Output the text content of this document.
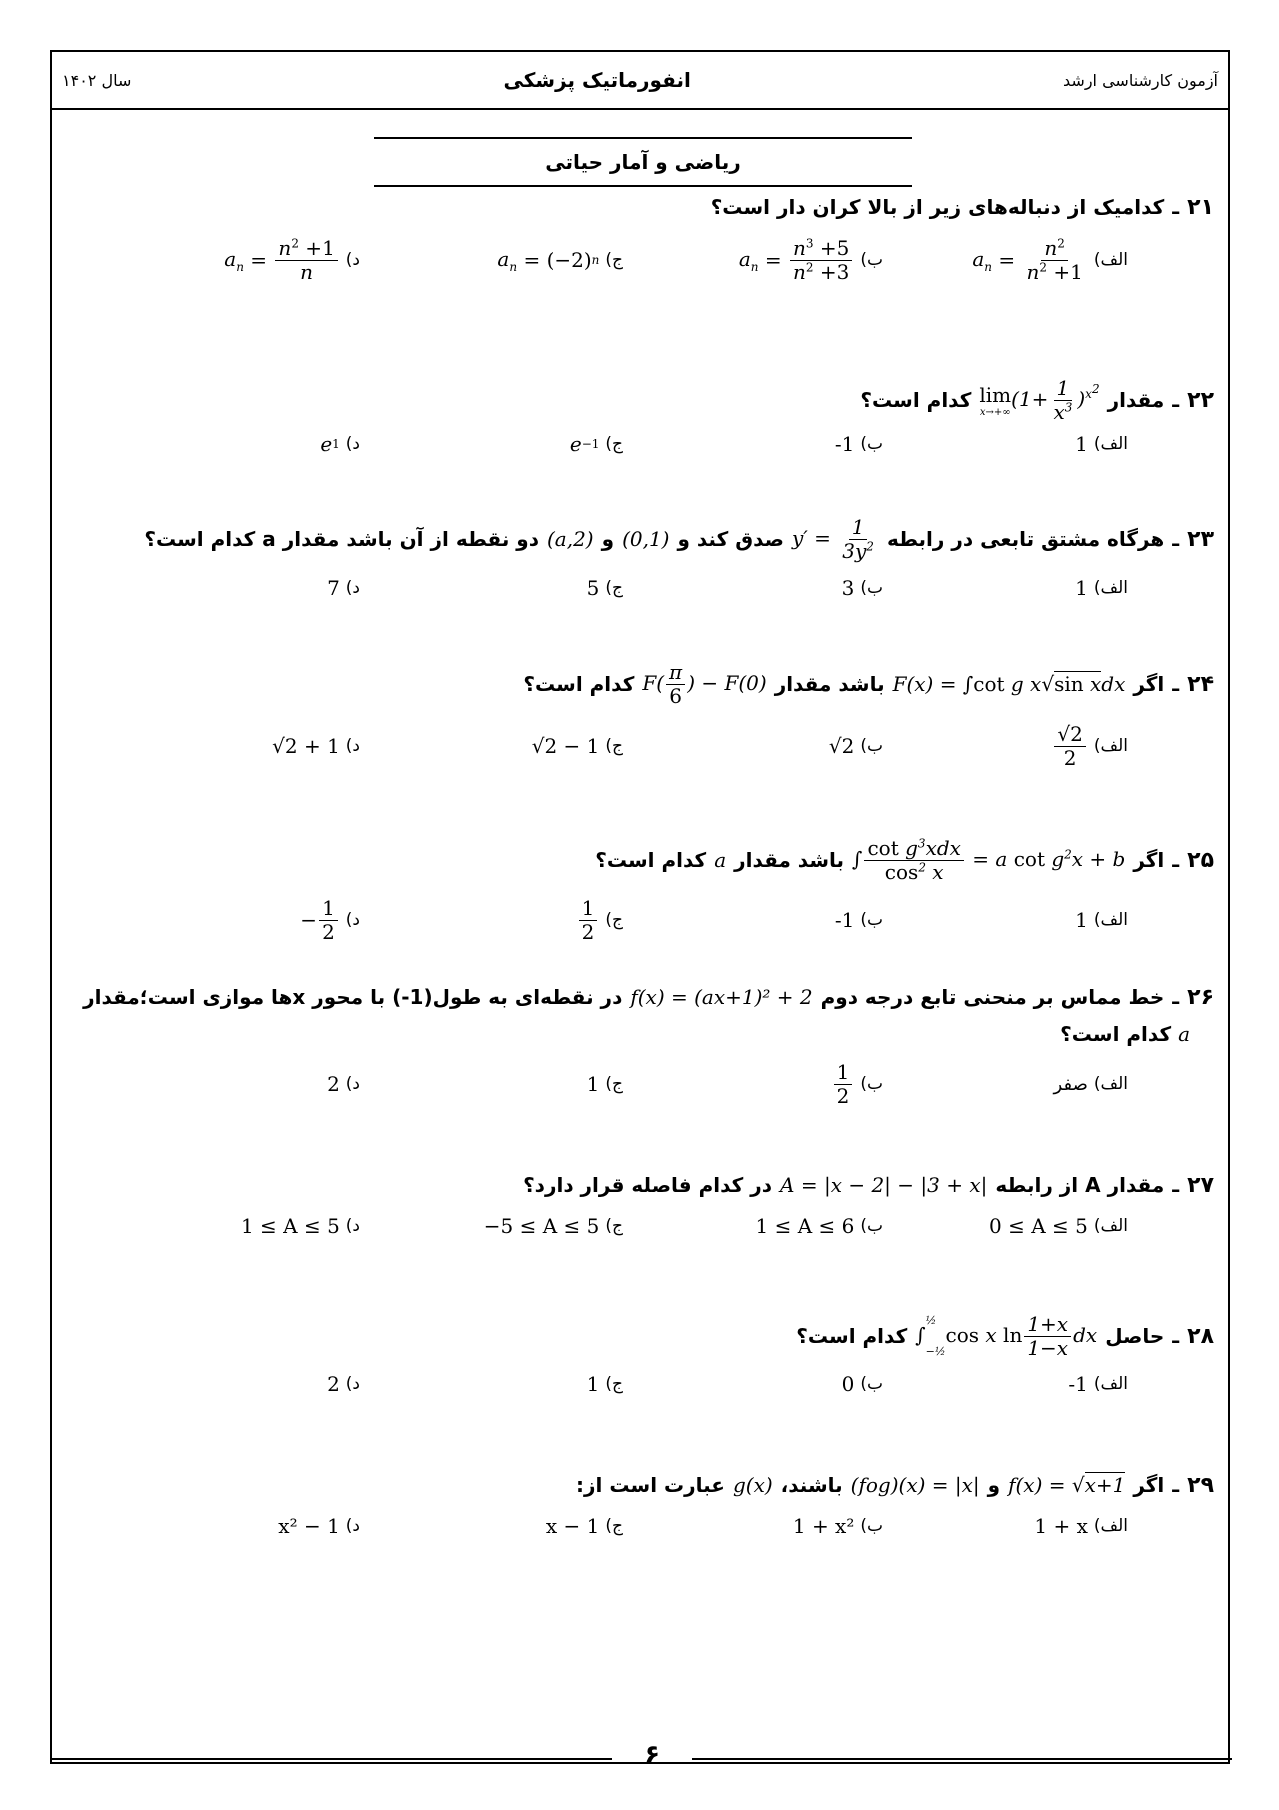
آزمون کارشناسی ارشد
انفورماتیک پزشکی
سال ۱۴۰۲
ریاضی و آمار حیاتی
۲۱
ـ
کدامیک از دنباله‌های زیر از بالا کران دار است؟
الف)
$a_n = \frac{n^2}{n^2 +1}$
ب)
$a_n = \frac{n^3 +5}{n^2 +3}$
ج)
$a_n = (-2)$ n
د)
$a_n = \frac{n^2 +1}{n}$
۲۲
ـ
مقدار
lim
x→+∞
$(1+ \frac{1}{x^3} )^{x^2}$
کدام است؟
الف)
1
ب)
-1
ج)
e −1
د)
e 1
۲۳
ـ
هرگاه مشتق تابعی در رابطه
$y' = \frac{1}{3y^2}$
صدق کند و
(0,1)
و
(a,2)
دو نقطه از آن باشد مقدار a کدام است؟
الف)
1
ب)
3
ج)
5
د)
7
۲۴
ـ
اگر
F(x) = ∫cot g x√sin xdx
باشد مقدار
$F( \frac{\pi}{6}$ ) − F(0)
کدام است؟
الف)
$\frac{√2}{2}$
ب)
√2
ج)
√2 − 1
د)
√2 + 1
۲۵
ـ
اگر
∫ $\frac{\cot g^3xdx}{\cos^2 x} = a$ $\cot g^2x + b$
باشد مقدار
a
کدام است؟
الف)
1
ب)
-1
ج)
$\frac{1}{2}$
د)
− $\frac{1}{2}$
۲۶
ـ
خط مماس بر منحنی تابع درجه دوم
f(x) = (ax+1)² + 2
در نقطه‌ای به طول(1-) با محور xها موازی است؛مقدار
a کدام است؟
الف)
صفر
ب)
$\frac{1}{2}$
ج)
1
د)
2
۲۷
ـ
مقدار A از رابطه
A = |x − 2| − |3 + x|
در کدام فاصله قرار دارد؟
الف)
0 ≤ A ≤ 5
ب)
1 ≤ A ≤ 6
ج)
−5 ≤ A ≤ 5
د)
1 ≤ A ≤ 5
۲۸
ـ
حاصل
∫
½
−½
cos x $\ln \frac{1+x}{1-x}$ dx
کدام است؟
الف)
-1
ب)
0
ج)
1
د)
2
۲۹
ـ
اگر
f(x) = √x+1
و
(fog)(x) = |x|
باشند،
g(x)
عبارت است از:
الف)
1 + x
ب)
1 + x²
ج)
x − 1
د)
x² − 1
۶
